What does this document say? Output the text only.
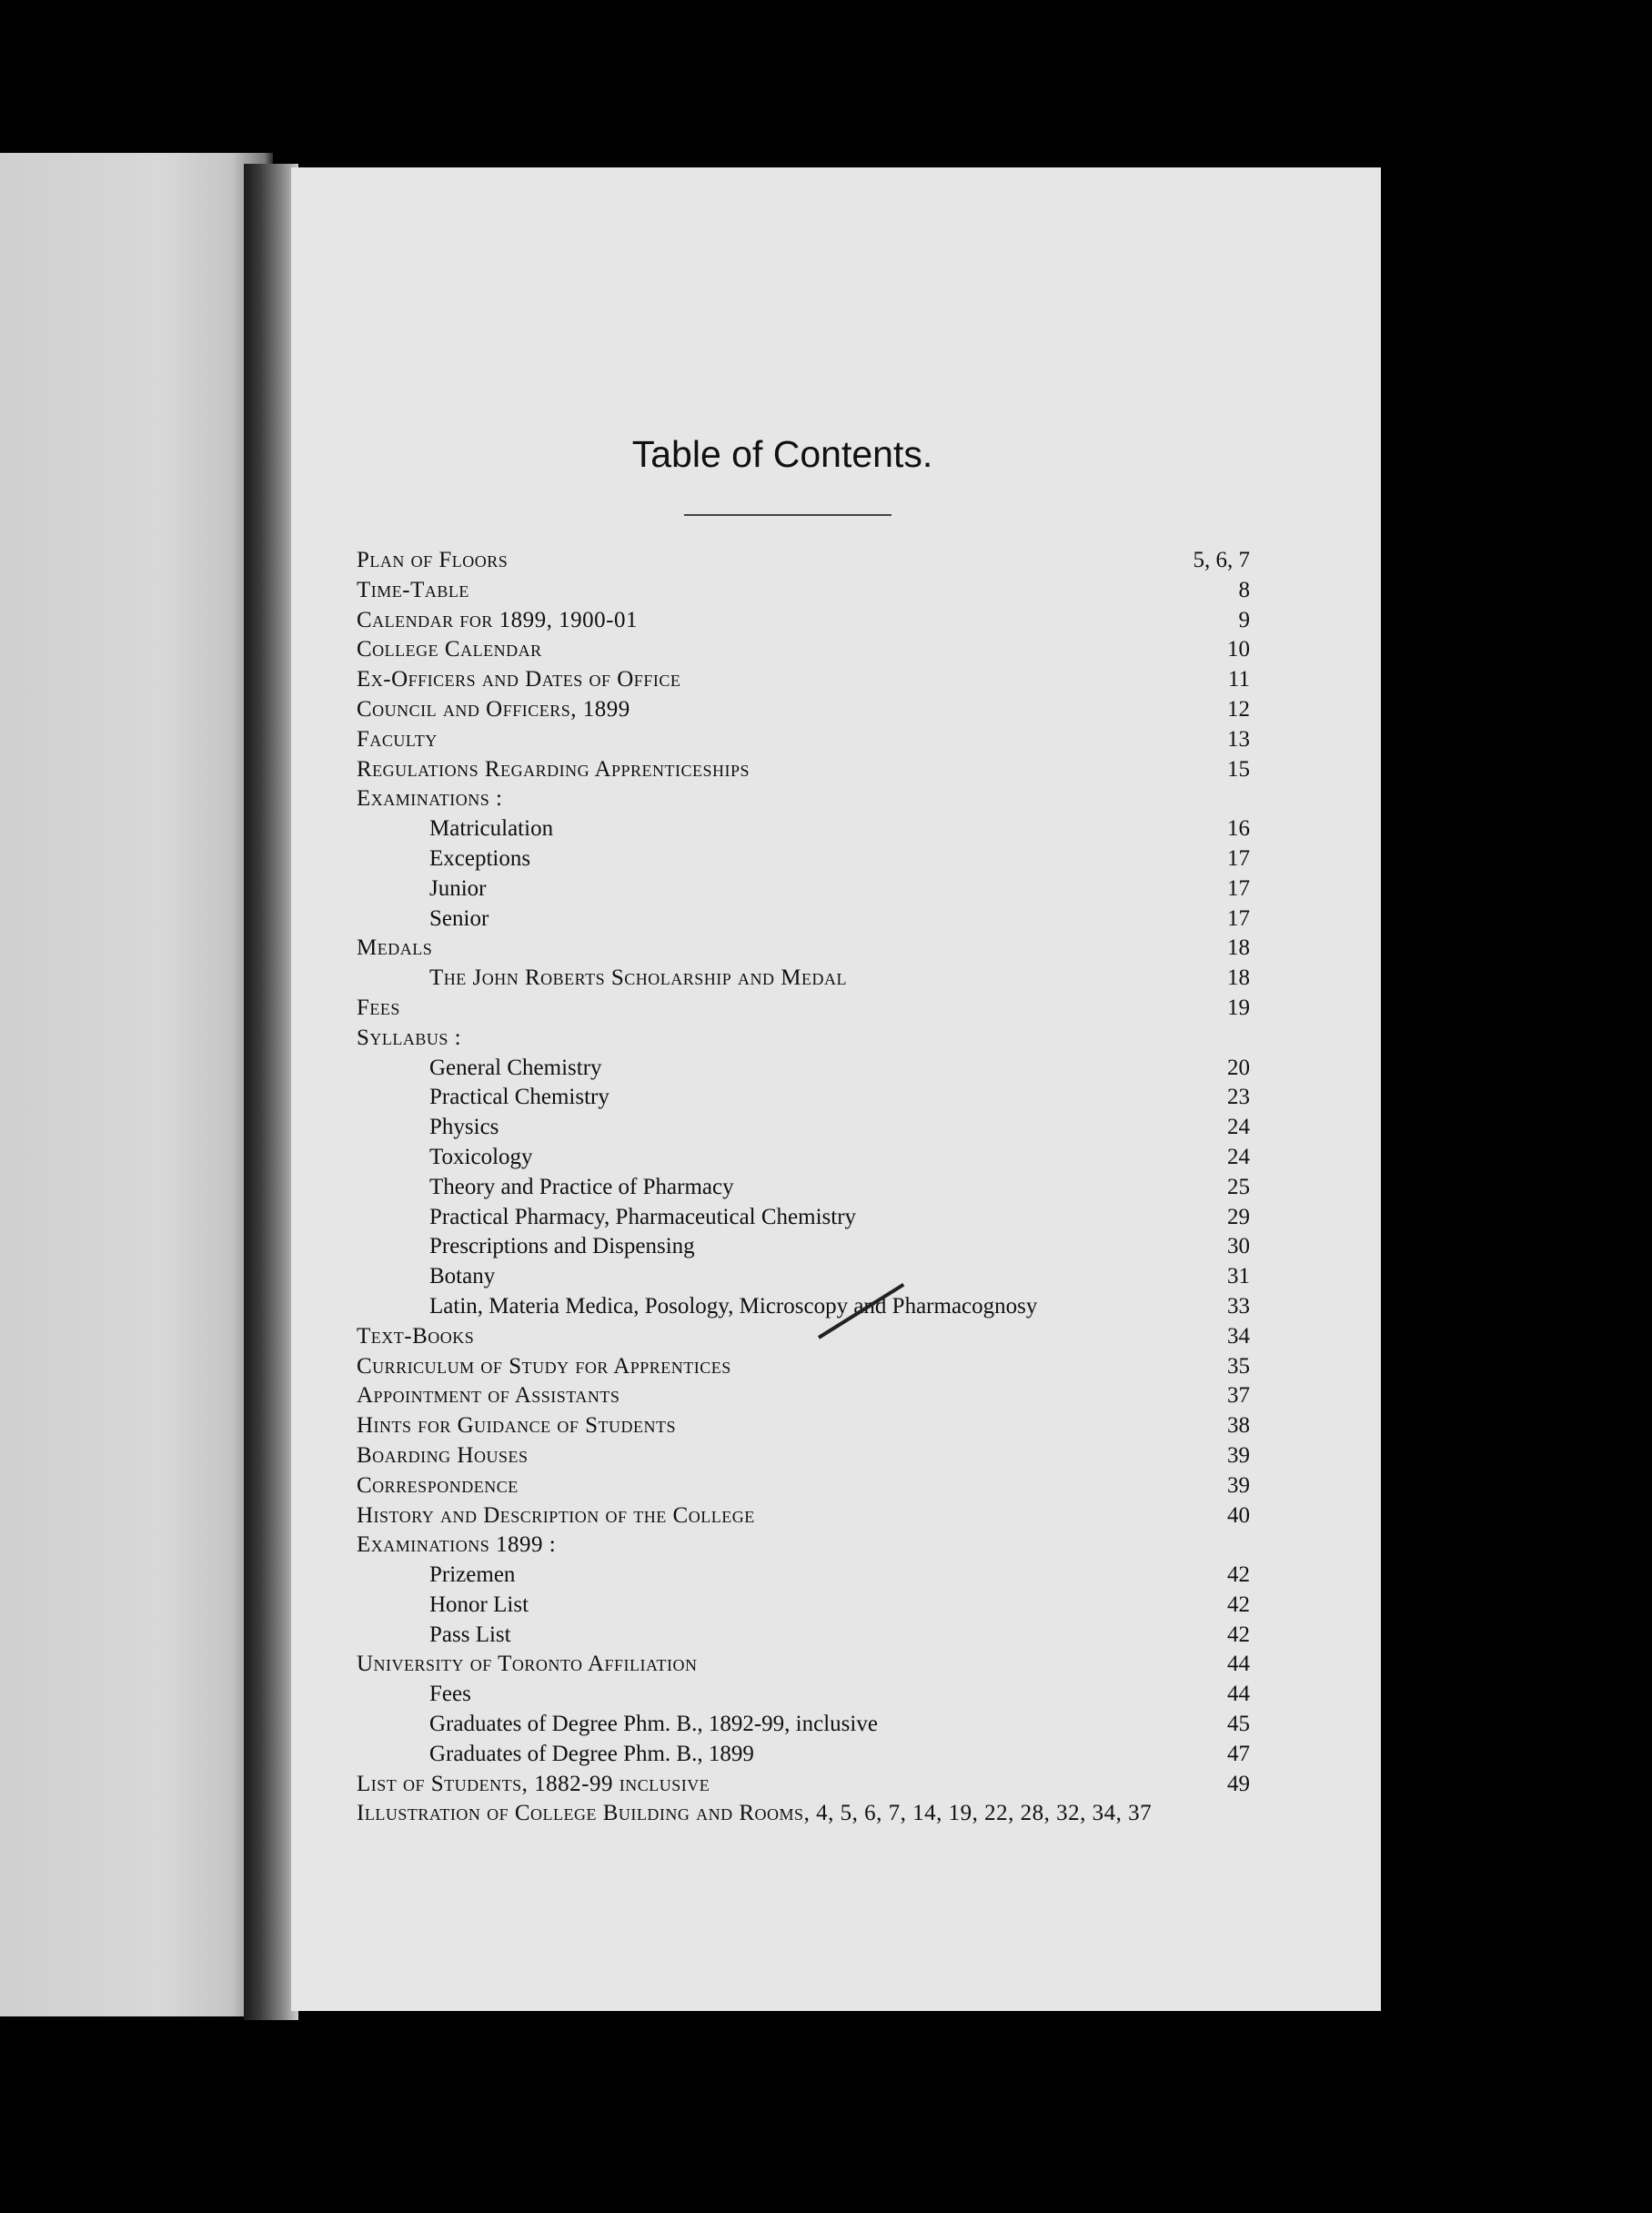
Table of Contents.
Plan of Floors	5, 6, 7
Time-Table	8
Calendar for 1899, 1900-01	9
College Calendar	10
Ex-Officers and Dates of Office	11
Council and Officers, 1899	12
Faculty	13
Regulations Regarding Apprenticeships	15
Examinations :
Matriculation	16
Exceptions	17
Junior	17
Senior	17
Medals	18
The John Roberts Scholarship and Medal	18
Fees	19
Syllabus :
General Chemistry	20
Practical Chemistry	23
Physics	24
Toxicology	24
Theory and Practice of Pharmacy	25
Practical Pharmacy, Pharmaceutical Chemistry	29
Prescriptions and Dispensing	30
Botany	31
Latin, Materia Medica, Posology, Microscopy and Pharmacognosy	33
Text-Books	34
Curriculum of Study for Apprentices	35
Appointment of Assistants	37
Hints for Guidance of Students	38
Boarding Houses	39
Correspondence	39
History and Description of the College	40
Examinations 1899 :
Prizemen	42
Honor List	42
Pass List	42
University of Toronto Affiliation	44
Fees	44
Graduates of Degree Phm. B., 1892-99, inclusive	45
Graduates of Degree Phm. B., 1899	47
List of Students, 1882-99 inclusive	49
Illustration of College Building and Rooms, 4, 5, 6, 7, 14, 19, 22, 28, 32, 34, 37
